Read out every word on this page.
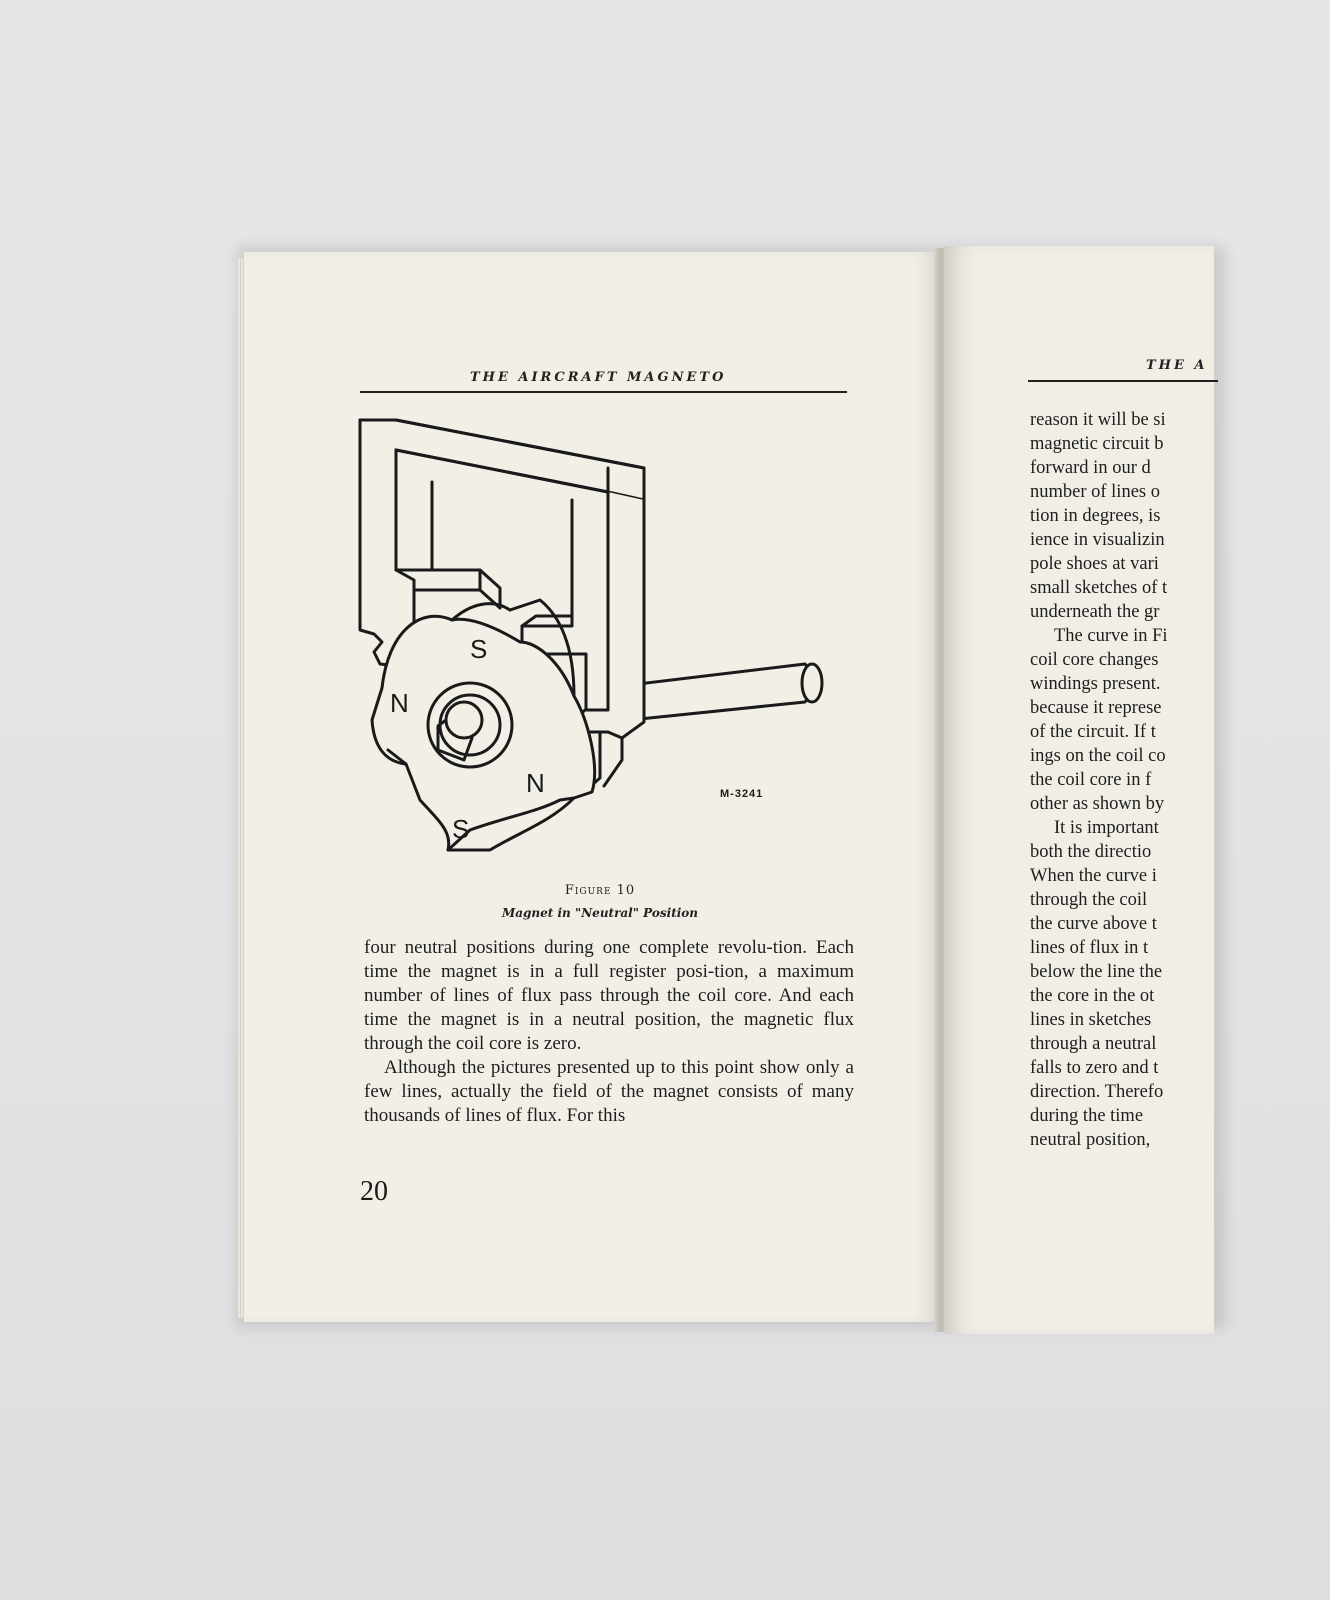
THE AIRCRAFT MAGNETO
S
N
N
S
M-3241
Figure 10
Magnet in "Neutral" Position

four neutral positions during one complete revolu-tion. Each time the magnet is in a full register posi-tion, a maximum number of lines of flux pass through the coil core. And each time the magnet is in a neutral position, the magnetic flux through the coil core is zero.

Although the pictures presented up to this point show only a few lines, actually the field of the magnet consists of many thousands of lines of flux. For this

20
THE A
reason it will be si
magnetic circuit b
forward in our d
number of lines o
tion in degrees, is
ience in visualizin
pole shoes at vari
small sketches of t
underneath the gr
The curve in Fi
coil core changes
windings present.
because it represe
of the circuit. If t
ings on the coil co
the coil core in f
other as shown by
It is important
both the directio
When the curve i
through the coil
the curve above t
lines of flux in t
below the line the
the core in the ot
lines in sketches
through a neutral
falls to zero and t
direction. Therefo
during the time
neutral position,
